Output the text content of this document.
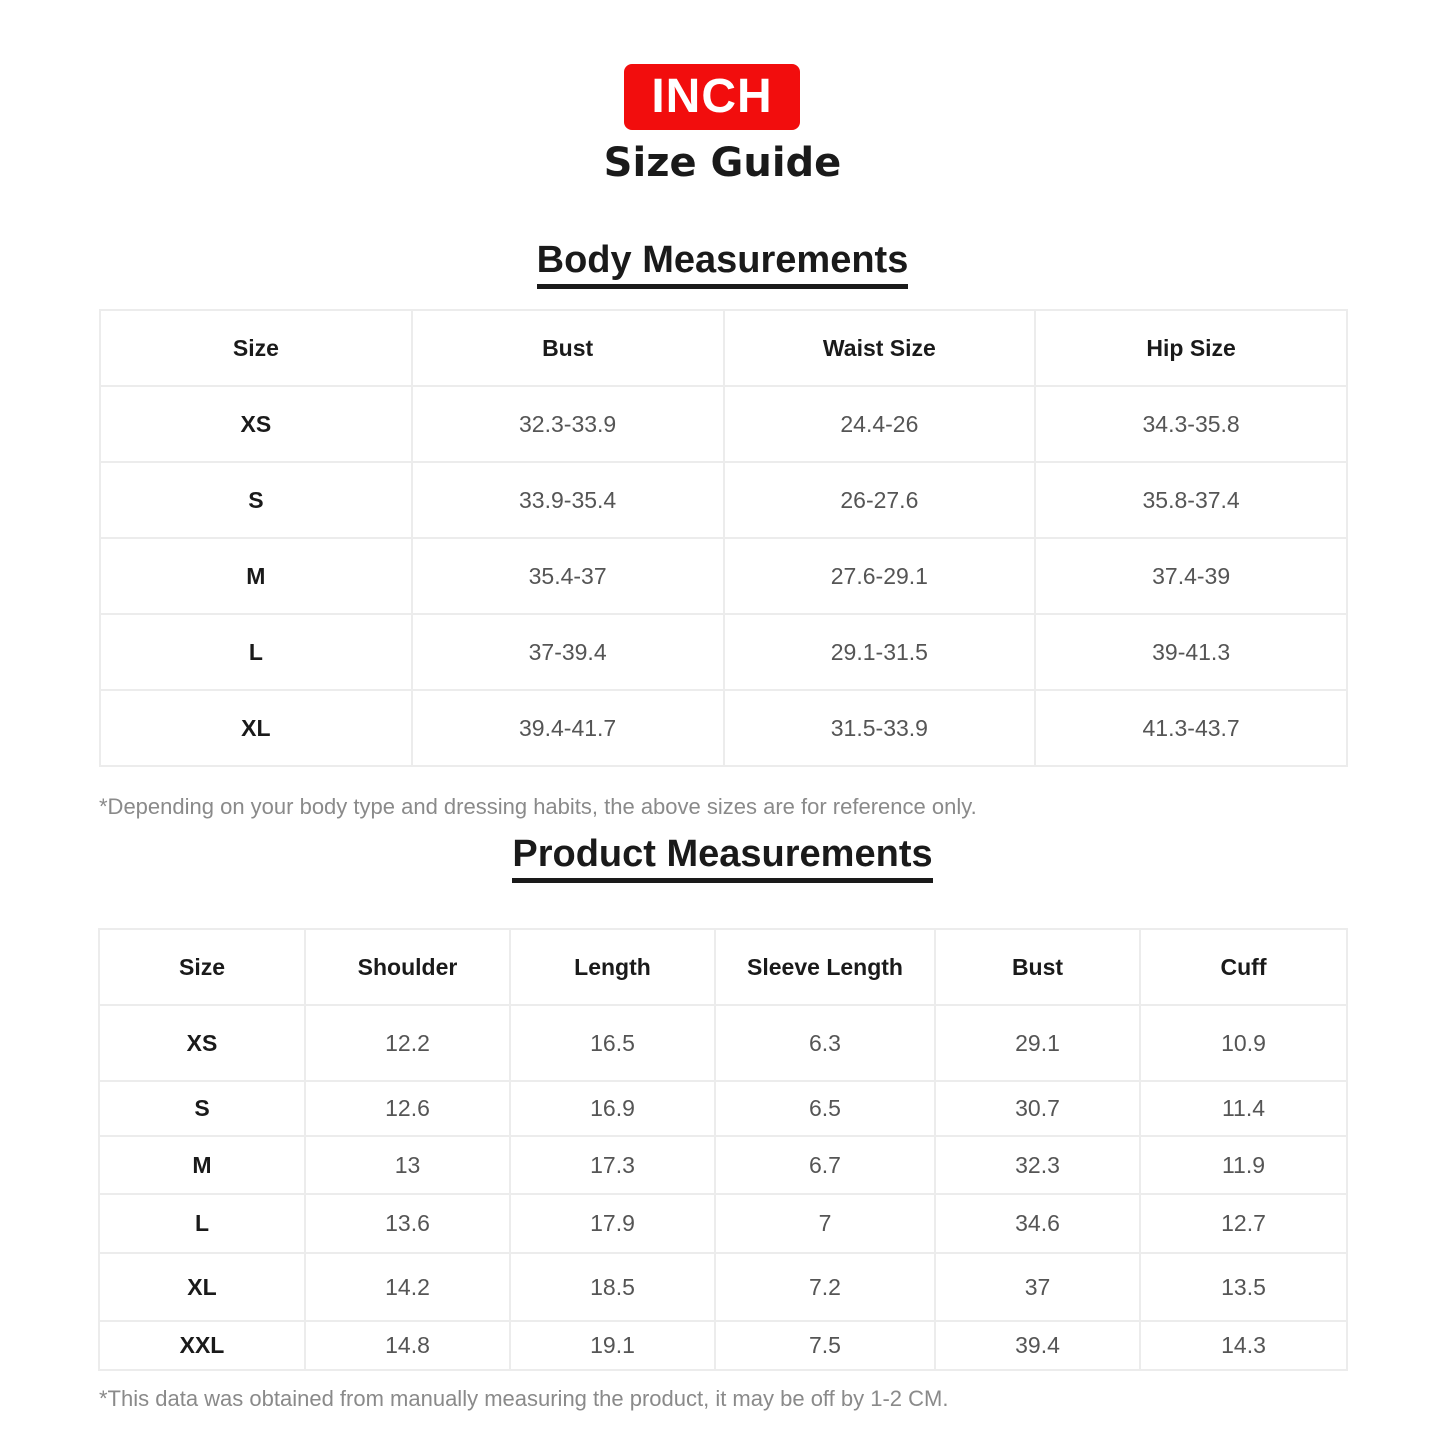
INCH
Size Guide
Body Measurements
Size	Bust	Waist Size	Hip Size
XS	32.3-33.9	24.4-26	34.3-35.8
S	33.9-35.4	26-27.6	35.8-37.4
M	35.4-37	27.6-29.1	37.4-39
L	37-39.4	29.1-31.5	39-41.3
XL	39.4-41.7	31.5-33.9	41.3-43.7
*Depending on your body type and dressing habits, the above sizes are for reference only.
Product Measurements
Size	Shoulder	Length	Sleeve Length	Bust	Cuff
XS	12.2	16.5	6.3	29.1	10.9
S	12.6	16.9	6.5	30.7	11.4
M	13	17.3	6.7	32.3	11.9
L	13.6	17.9	7	34.6	12.7
XL	14.2	18.5	7.2	37	13.5
XXL	14.8	19.1	7.5	39.4	14.3
*This data was obtained from manually measuring the product, it may be off by 1-2 CM.
